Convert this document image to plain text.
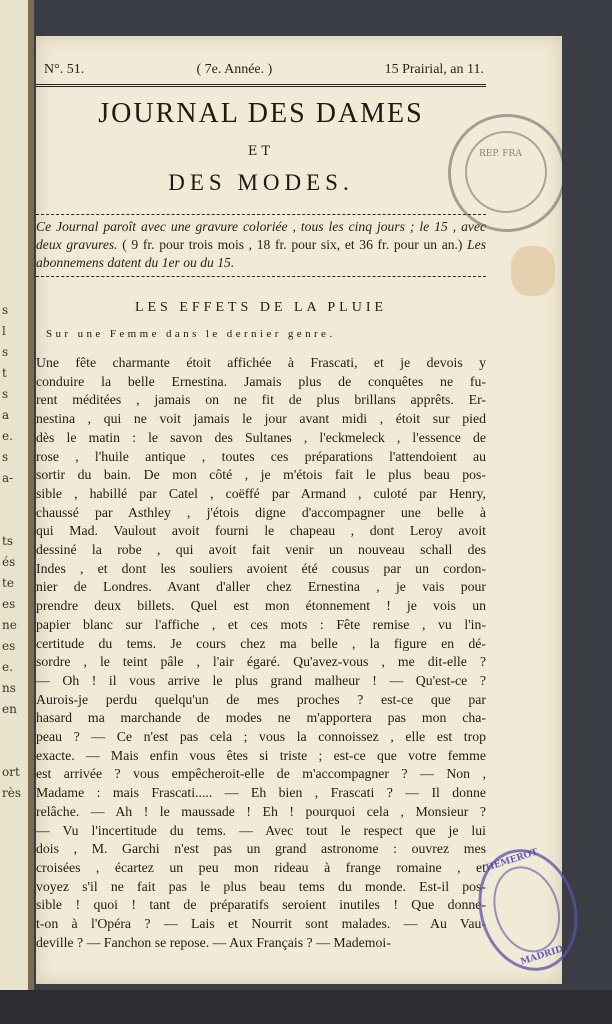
s
l
s
t
s
a
e.
s
a-

ts
és
te
es
ne
es
e.
ns
en

ort
rès
N°. 51.	( 7e. Année. )	15 Prairial, an 11.
JOURNAL DES DAMES
ET
DES MODES.
Ce Journal paroît avec une gravure coloriée , tous les cinq jours ; le 15 , avec deux gravures. ( 9 fr. pour trois mois , 18 fr. pour six, et 36 fr. pour un an.) Les abonnemens datent du 1er ou du 15.
LES EFFETS DE LA PLUIE
Sur une Femme dans le dernier genre.
Une fête charmante étoit affichée à Frascati, et je devois y
conduire la belle Ernestina. Jamais plus de conquêtes ne fu-
rent méditées , jamais on ne fit de plus brillans apprêts. Er-
nestina , qui ne voit jamais le jour avant midi , étoit sur pied
dès le matin : le savon des Sultanes , l'eckmeleck , l'essence de
rose , l'huile antique , toutes ces préparations l'attendoient au
sortir du bain. De mon côté , je m'étois fait le plus beau pos-
sible , habillé par Catel , coëffé par Armand , culoté par Henry,
chaussé par Asthley , j'étois digne d'accompagner une belle à
qui Mad. Vaulout avoit fourni le chapeau , dont Leroy avoit
dessiné la robe , qui avoit fait venir un nouveau schall des
Indes , et dont les souliers avoient été cousus par un cordon-
nier de Londres. Avant d'aller chez Ernestina , je vais pour
prendre deux billets. Quel est mon étonnement ! je vois un
papier blanc sur l'affiche , et ces mots : Fête remise , vu l'in-
certitude du tems. Je cours chez ma belle , la figure en dé-
sordre , le teint pâle , l'air égaré. Qu'avez-vous , me dit-elle ?
— Oh ! il vous arrive le plus grand malheur ! — Qu'est-ce ?
Aurois-je perdu quelqu'un de mes proches ? est-ce que par
hasard ma marchande de modes ne m'apportera pas mon cha-
peau ? — Ce n'est pas cela ; vous la connoissez , elle est trop
exacte. — Mais enfin vous êtes si triste ; est-ce que votre femme
est arrivée ? vous empêcheroit-elle de m'accompagner ? — Non ,
Madame : mais Frascati..... — Eh bien , Frascati ? — Il donne
relâche. — Ah ! le maussade ! Eh ! pourquoi cela , Monsieur ?
— Vu l'incertitude du tems. — Avec tout le respect que je lui
dois , M. Garchi n'est pas un grand astronome : ouvrez mes
croisées , écartez un peu mon rideau à frange romaine , et
voyez s'il ne fait pas le plus beau tems du monde. Est-il pos-
sible ! quoi ! tant de préparatifs seroient inutiles ! Que donne-
t-on à l'Opéra ? — Lais et Nourrit sont malades. — Au Vau-
deville ? — Fanchon se repose. — Aux Français ? — Mademoi-
REP. FRA
HEMEROT
MADRID
